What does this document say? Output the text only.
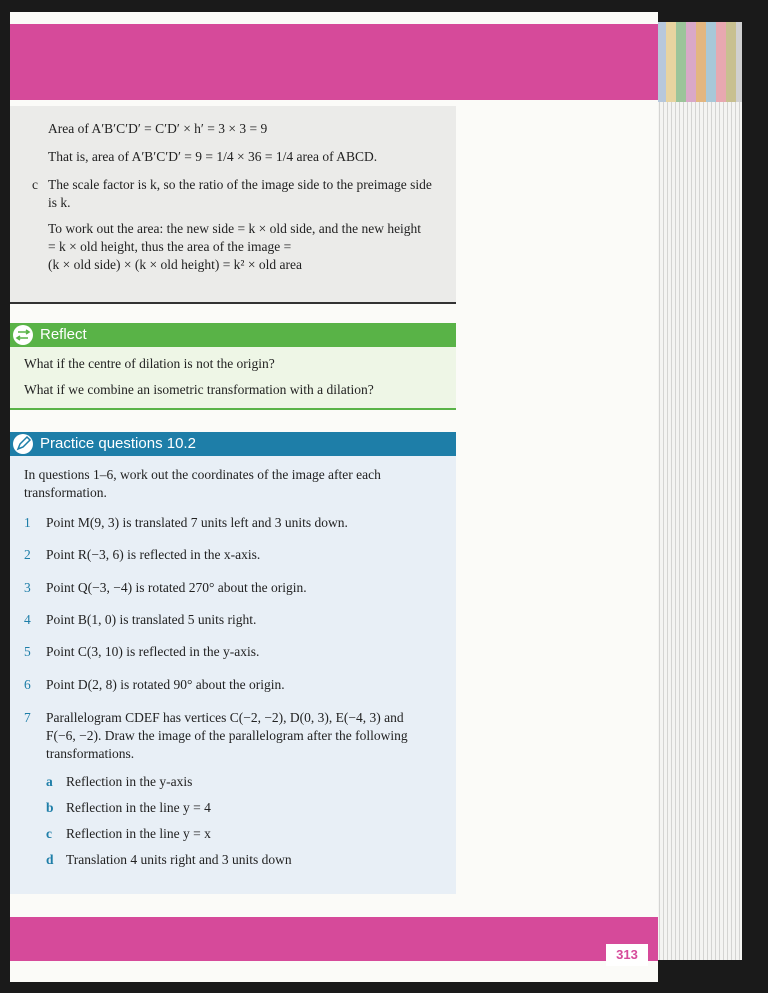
Area of A′B′C′D′ = C′D′ × h′ = 3 × 3 = 9
That is, area of A′B′C′D′ = 9 = 1/4 × 36 = 1/4 area of ABCD.
c The scale factor is k, so the ratio of the image side to the preimage side
is k.
To work out the area: the new side = k × old side, and the new height
= k × old height, thus the area of the image =
(k × old side) × (k × old height) = k² × old area
Reflect
What if the centre of dilation is not the origin?
What if we combine an isometric transformation with a dilation?
Practice questions 10.2
In questions 1–6, work out the coordinates of the image after each
transformation.
1 Point M(9, 3) is translated 7 units left and 3 units down.
2 Point R(−3, 6) is reflected in the x-axis.
3 Point Q(−3, −4) is rotated 270° about the origin.
4 Point B(1, 0) is translated 5 units right.
5 Point C(3, 10) is reflected in the y-axis.
6 Point D(2, 8) is rotated 90° about the origin.
7 Parallelogram CDEF has vertices C(−2, −2), D(0, 3), E(−4, 3) and
F(−6, −2). Draw the image of the parallelogram after the following
transformations.
a Reflection in the y-axis
b Reflection in the line y = 4
c Reflection in the line y = x
d Translation 4 units right and 3 units down
313
